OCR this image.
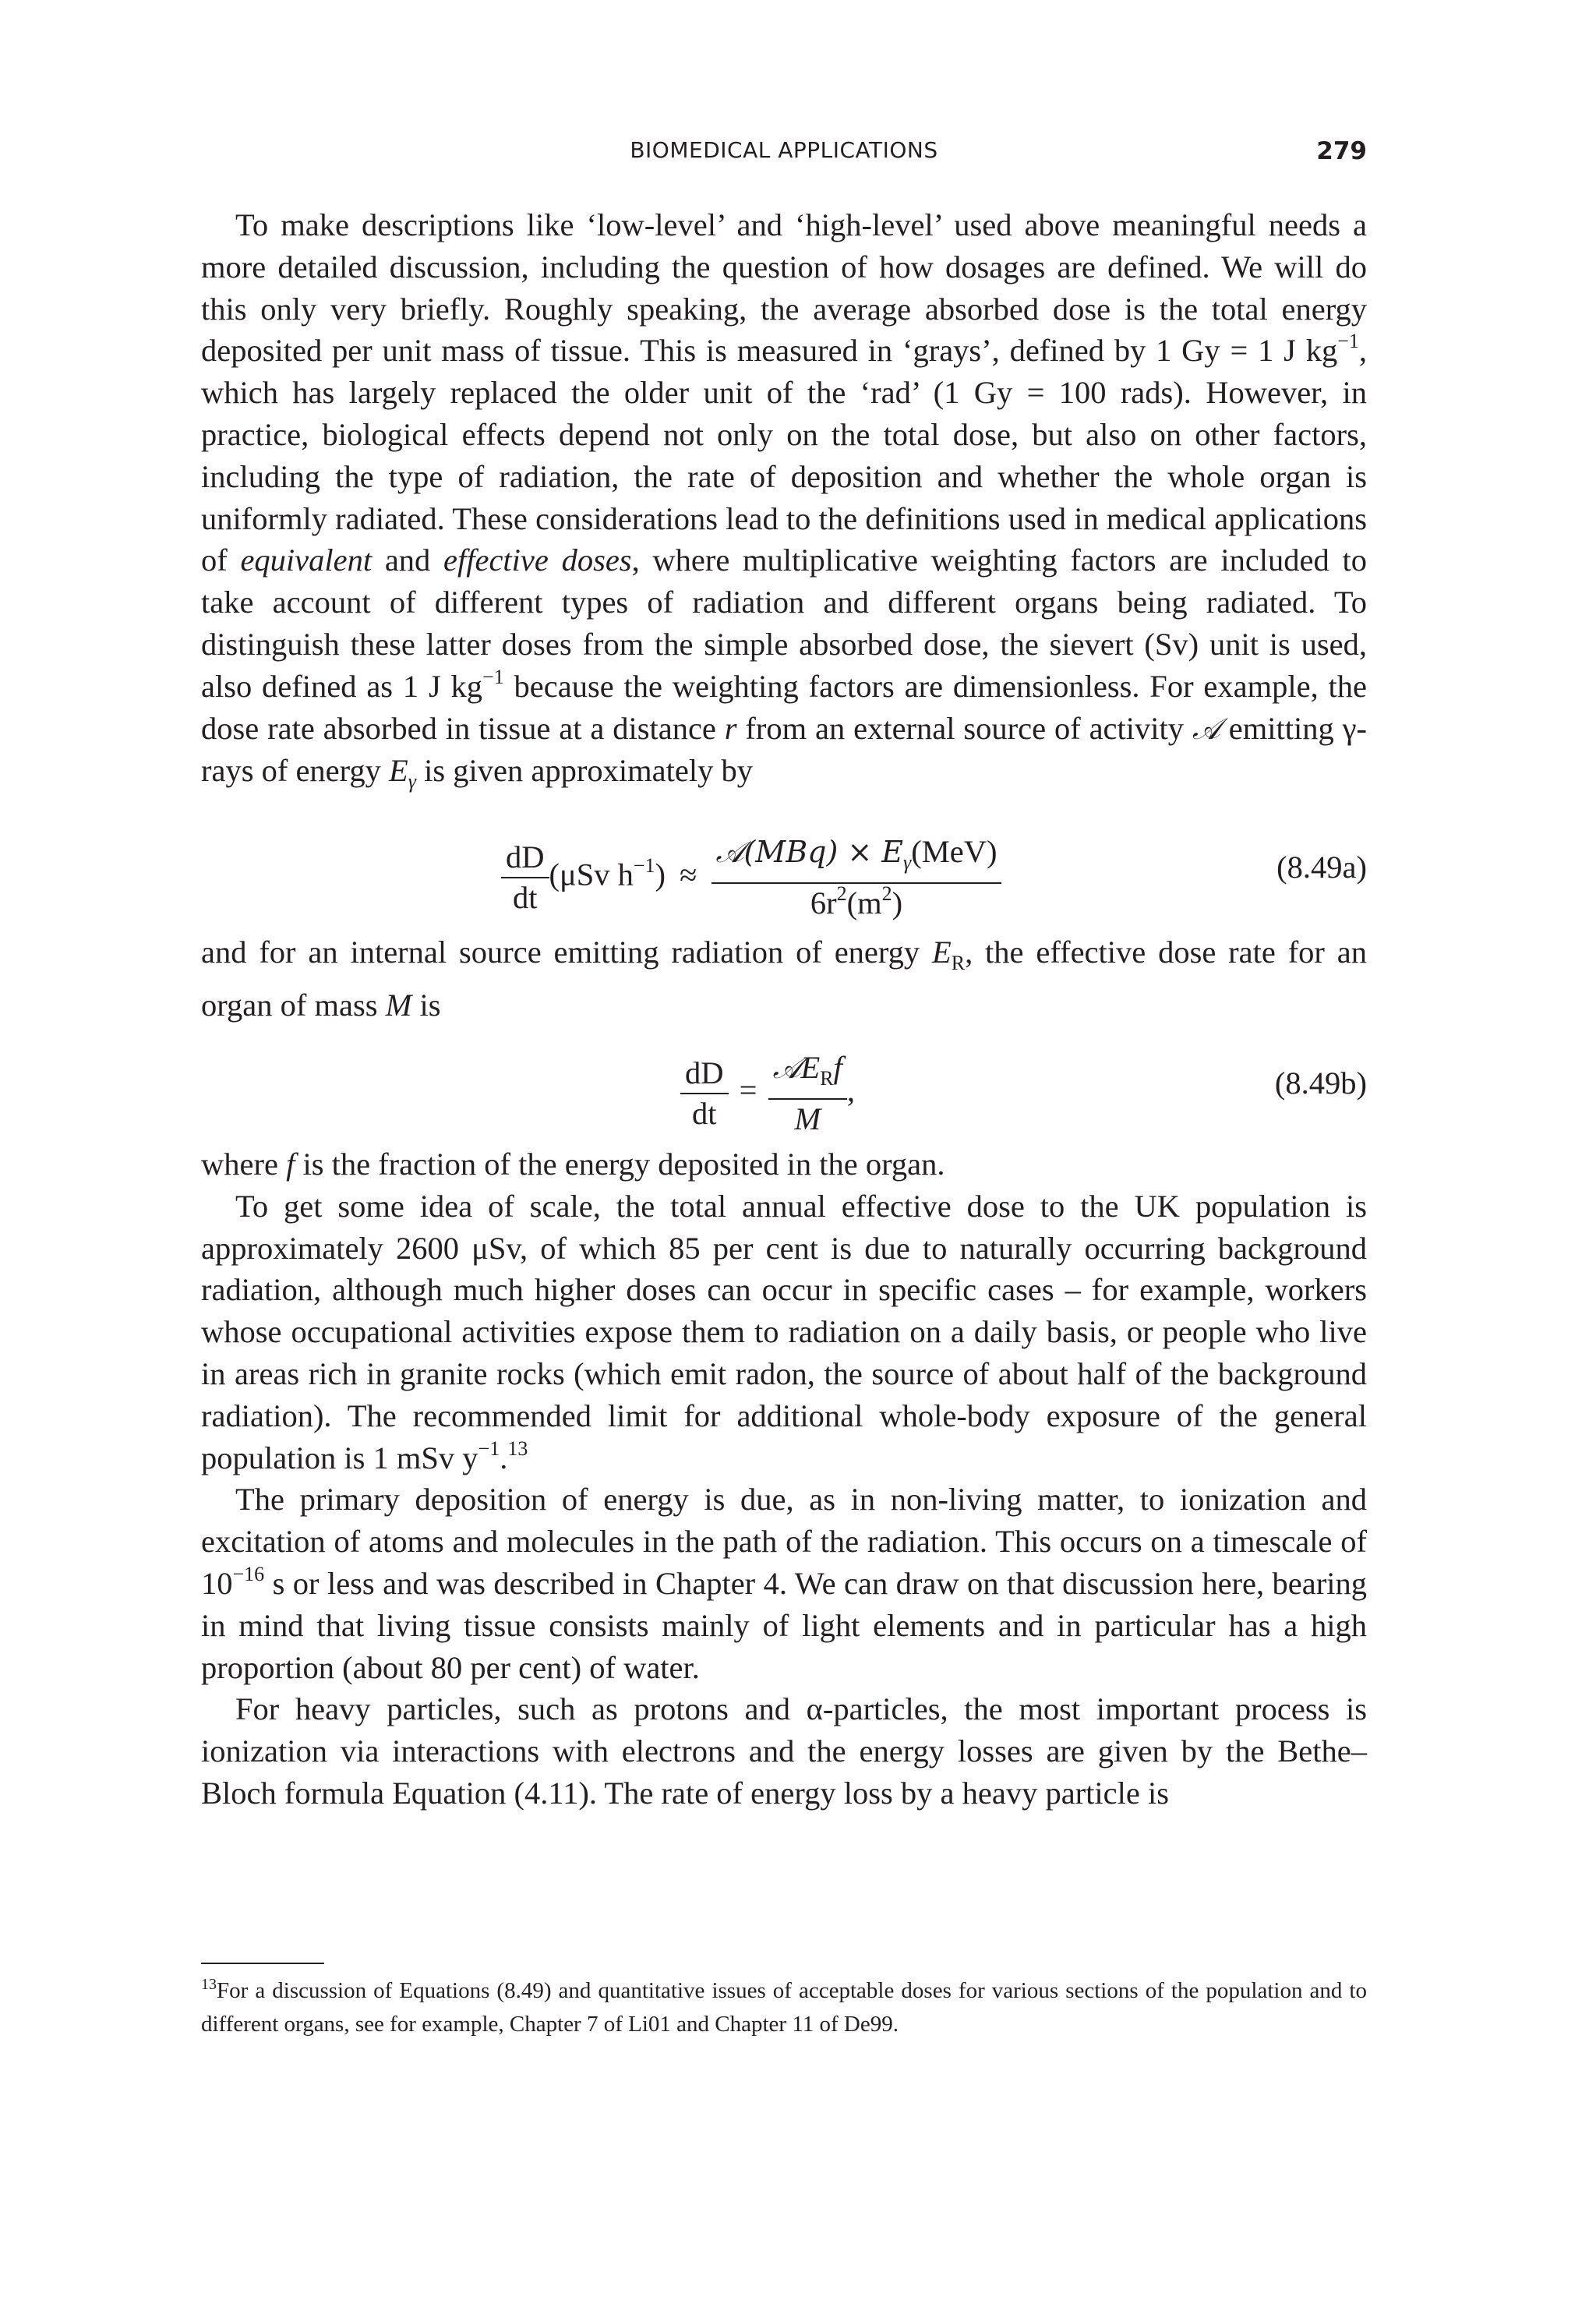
BIOMEDICAL APPLICATIONS	279

To make descriptions like ‘low-level’ and ‘high-level’ used above meaningful needs a more detailed discussion, including the question of how dosages are defined. We will do this only very briefly. Roughly speaking, the average absorbed dose is the total energy deposited per unit mass of tissue. This is measured in ‘grays’, defined by 1 Gy = 1 J $kg^{-1}$, which has largely replaced the older unit of the ‘rad’ (1 Gy = 100 rads). However, in practice, biological effects depend not only on the total dose, but also on other factors, including the type of radiation, the rate of deposition and whether the whole organ is uniformly radiated. These considerations lead to the definitions used in medical applications of equivalent and effective doses, where multiplicative weighting factors are included to take account of different types of radiation and different organs being radiated. To distinguish these latter doses from the simple absorbed dose, the sievert (Sv) unit is used, also defined as 1 J $kg^{-1}$ because the weighting factors are dimensionless. For example, the dose rate absorbed in tissue at a distance r from an external source of activity 𝒜 emitting γ-rays of energy $E_\gamma$ is given approximately by

$\frac{dD}{dt} (\mu Sv$ $h^{-1}) \approx \frac{𝒜(MBq) \times E_\gamma(MeV)}{6r^2(m^2)}$	(8.49a)

and for an internal source emitting radiation of energy $E_R$, the effective dose rate for an organ of mass M is

$\frac{dD}{dt} = \frac{𝒜E_Rf}{M}$ ,	(8.49b)

where f is the fraction of the energy deposited in the organ.

To get some idea of scale, the total annual effective dose to the UK population is approximately 2600 μSv, of which 85 per cent is due to naturally occurring background radiation, although much higher doses can occur in specific cases – for example, workers whose occupational activities expose them to radiation on a daily basis, or people who live in areas rich in granite rocks (which emit radon, the source of about half of the background radiation). The recommended limit for additional whole-body exposure of the general population is 1 mSv $y^{-1}.^{13}$

The primary deposition of energy is due, as in non-living matter, to ionization and excitation of atoms and molecules in the path of the radiation. This occurs on a timescale of $10^{-16}$ s or less and was described in Chapter 4. We can draw on that discussion here, bearing in mind that living tissue consists mainly of light elements and in particular has a high proportion (about 80 per cent) of water.

For heavy particles, such as protons and α-particles, the most important process is ionization via interactions with electrons and the energy losses are given by the Bethe–Bloch formula Equation (4.11). The rate of energy loss by a heavy particle is

$^{13}$For a discussion of Equations (8.49) and quantitative issues of acceptable doses for various sections of the population and to different organs, see for example, Chapter 7 of Li01 and Chapter 11 of De99.
